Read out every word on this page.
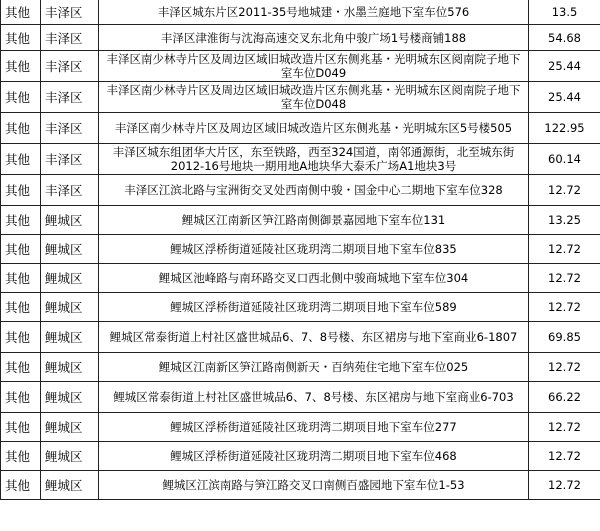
其他	丰泽区	丰泽区城东片区2011-35号地城建・水墨兰庭地下室车位576	13.5
其他	丰泽区	丰泽区津淮街与沈海高速交叉东北角中骏广场1号楼商铺188	54.68
其他	丰泽区	丰泽区南少林寺片区及周边区域旧城改造片区东侧兆基・光明城东区阅南院子地下室车位D049	25.44
其他	丰泽区	丰泽区南少林寺片区及周边区域旧城改造片区东侧兆基・光明城东区阅南院子地下室车位D048	25.44
其他	丰泽区	丰泽区南少林寺片区及周边区域旧城改造片区东侧兆基・光明城东区5号楼505	122.95
其他	丰泽区	丰泽区城东组团华大片区，东至铁路，西至324国道，南邻通源街，北至城东街2012-16号地块一期用地A地块华大泰禾广场A1地块3号	60.14
其他	丰泽区	丰泽区江滨北路与宝洲街交叉处西南侧中骏・国金中心二期地下室车位328	12.72
其他	鲤城区	鲤城区江南新区笋江路南侧御景嘉园地下室车位131	13.25
其他	鲤城区	鲤城区浮桥街道延陵社区珑玥湾二期项目地下室车位835	12.72
其他	鲤城区	鲤城区池峰路与南环路交叉口西北侧中骏商城地下室车位304	12.72
其他	鲤城区	鲤城区浮桥街道延陵社区珑玥湾二期项目地下室车位589	12.72
其他	鲤城区	鲤城区常泰街道上村社区盛世城品6、7、8号楼、东区裙房与地下室商业6-1807	69.85
其他	鲤城区	鲤城区江南新区笋江路南侧新天・百纳苑住宅地下室车位025	12.72
其他	鲤城区	鲤城区常泰街道上村社区盛世城品6、7、8号楼、东区裙房与地下室商业6-703	66.22
其他	鲤城区	鲤城区浮桥街道延陵社区珑玥湾二期项目地下室车位277	12.72
其他	鲤城区	鲤城区浮桥街道延陵社区珑玥湾二期项目地下室车位468	12.72
其他	鲤城区	鲤城区江滨南路与笋江路交叉口南侧百盛园地下室车位1-53	12.72
